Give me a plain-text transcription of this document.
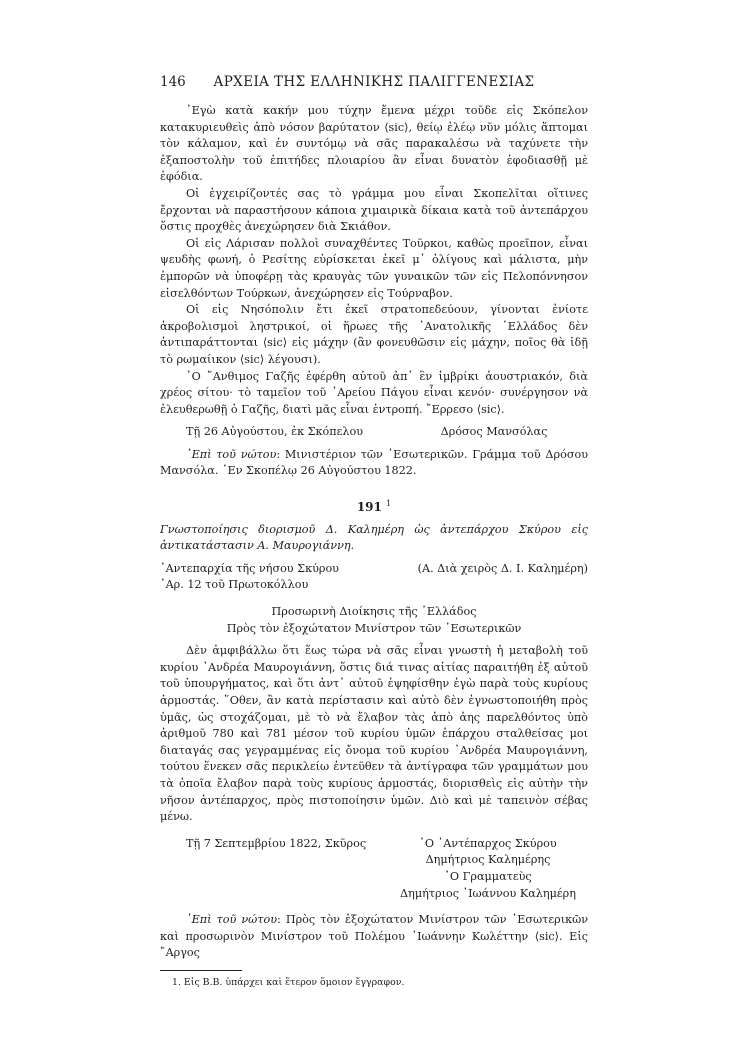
146	ΑΡΧΕΙΑ ΤΗΣ ΕΛΛΗΝΙΚΗΣ ΠΑΛΙΓΓΕΝΕΣΙΑΣ

᾿Εγὼ κατὰ κακήν μου τύχην ἔμενα μέχρι τοῦδε εἰς Σκόπελον κατακυριευθεὶς ἀπὸ νόσον βαρύτατον ⟨sic⟩, θείῳ ἐλέῳ νῦν μόλις ἅπτομαι τὸν κάλαμον, καὶ ἐν συντόμῳ νὰ σᾶς παρακαλέσω νὰ ταχύνετε τὴν ἐξαποστολὴν τοῦ ἐπιτήδες πλοιαρίου ἂν εἶναι δυνατὸν ἐφοδιασθῇ μὲ ἐφόδια.

Οἱ ἐγχειρίζοντές σας τὸ γράμμα μου εἶναι Σκοπελῖται οἵτινες ἔρχονται νὰ παραστήσουν κάποια χιμαιρικὰ δίκαια κατὰ τοῦ ἀντεπάρχου ὅστις προχθὲς ἀνεχώρησεν διὰ Σκιάθον.

Οἱ εἰς Λάρισαν πολλοὶ συναχθέντες Τοῦρκοι, καθὼς προεῖπον, εἶναι ψευδὴς φωνή, ὁ Ρεσίτης εὑρίσκεται ἐκεῖ μ᾿ ὀλίγους καὶ μάλιστα, μὴν ἐμπορῶν νὰ ὑποφέρῃ τὰς κραυγὰς τῶν γυναικῶν τῶν εἰς Πελοπόννησον εἰσελθόντων Τούρκων, ἀνεχώρησεν εἰς Τούρναβον.

Οἱ εἰς Νησόπολιν ἔτι ἐκεῖ στρατοπεδεύουν, γίνονται ἐνίοτε ἀκροβολισμοὶ ληστρικοί, οἱ ἥρωες τῆς ᾿Ανατολικῆς ῾Ελλάδος δὲν ἀντιπαράττονται ⟨sic⟩ εἰς μάχην (ἂν φονευθῶσιν εἰς μάχην, ποῖος θὰ ἰδῇ τὸ ρωμαίικον ⟨sic⟩ λέγουσι).

῾Ο ῎Ανθιμος Γαζῆς ἐφέρθη αὐτοῦ ἀπ᾿ ἓν ἰμβρίκι ἀουστριακόν, διὰ χρέος σίτου· τὸ ταμεῖον τοῦ ᾿Αρείου Πάγου εἶναι κενόν· συνέργησον νὰ ἐλευθερωθῇ ὁ Γαζῆς, διατὶ μᾶς εἶναι ἐντροπή. ῎Ερρεσο ⟨sic⟩.

Τῇ 26 Αὐγούστου, ἐκ Σκόπελου	Δρόσος Μανσόλας

᾿Επὶ τοῦ νώτου: Μινιστέριον τῶν ᾿Εσωτερικῶν. Γράμμα τοῦ Δρόσου Μανσόλα. ᾿Εν Σκοπέλῳ 26 Αὐγούστου 1822.

191 $^1$

Γνωστοποίησις διορισμοῦ Δ. Καλημέρη ὡς ἀντεπάρχου Σκύρου εἰς ἀντικατάστασιν Α. Μαυρογιάννη.

᾿Αντεπαρχία τῆς νήσου Σκύρου	(Α. Διὰ χειρὸς Δ. Ι. Καλημέρη)
᾿Αρ. 12 τοῦ Πρωτοκόλλου
Προσωρινὴ Διοίκησις τῆς ῾Ελλάδος
Πρὸς τὸν ἐξοχώτατον Μινίστρον τῶν ᾿Εσωτερικῶν

Δὲν ἀμφιβάλλω ὅτι ἕως τώρα νὰ σᾶς εἶναι γνωστὴ ἡ μεταβολὴ τοῦ κυρίου ᾿Ανδρέα Μαυρογιάννη, ὅστις διά τινας αἰτίας παραιτήθη ἐξ αὐτοῦ τοῦ ὑπουργήματος, καὶ ὅτι ἀντ᾿ αὐτοῦ ἐψηφίσθην ἐγὼ παρὰ τοὺς κυρίους ἁρμοστάς. ῞Οθεν, ἂν κατὰ περίστασιν καὶ αὐτὸ δὲν ἐγνωστοποιήθη πρὸς ὑμᾶς, ὡς στοχάζομαι, μὲ τὸ νὰ ἔλαβον τὰς ἀπὸ ἀης παρελθόντος ὑπὸ ἀριθμοῦ 780 καὶ 781 μέσον τοῦ κυρίου ὑμῶν ἐπάρχου σταλθείσας μοι διαταγάς σας γεγραμμένας εἰς ὄνομα τοῦ κυρίου ᾿Ανδρέα Μαυρογιάννη, τούτου ἕνεκεν σᾶς περικλείω ἐντεῦθεν τὰ ἀντίγραφα τῶν γραμμάτων μου τὰ ὁποῖα ἔλαβον παρὰ τοὺς κυρίους ἁρμοστάς, διορισθεὶς εἰς αὐτὴν τὴν νῆσον ἀντέπαρχος, πρὸς πιστοποίησιν ὑμῶν. Διὸ καὶ μὲ ταπεινὸν σέβας μένω.

Τῇ 7 Σεπτεμβρίου 1822, Σκῦρος	῾Ο ᾿Αντέπαρχος Σκύρου
Δημήτριος Καλημέρης
῾Ο Γραμματεὺς
Δημήτριος ᾿Ιωάννου Καλημέρη

᾿Επὶ τοῦ νώτου: Πρὸς τὸν ἐξοχώτατον Μινίστρον τῶν ᾿Εσωτερικῶν καὶ προσωρινὸν Μινίστρον τοῦ Πολέμου ᾿Ιωάννην Κωλέττην ⟨sic⟩. Εἰς ῎Αργος

1. Εἰς Β.Β. ὑπάρχει καὶ ἕτερον ὅμοιον ἔγγραφον.
